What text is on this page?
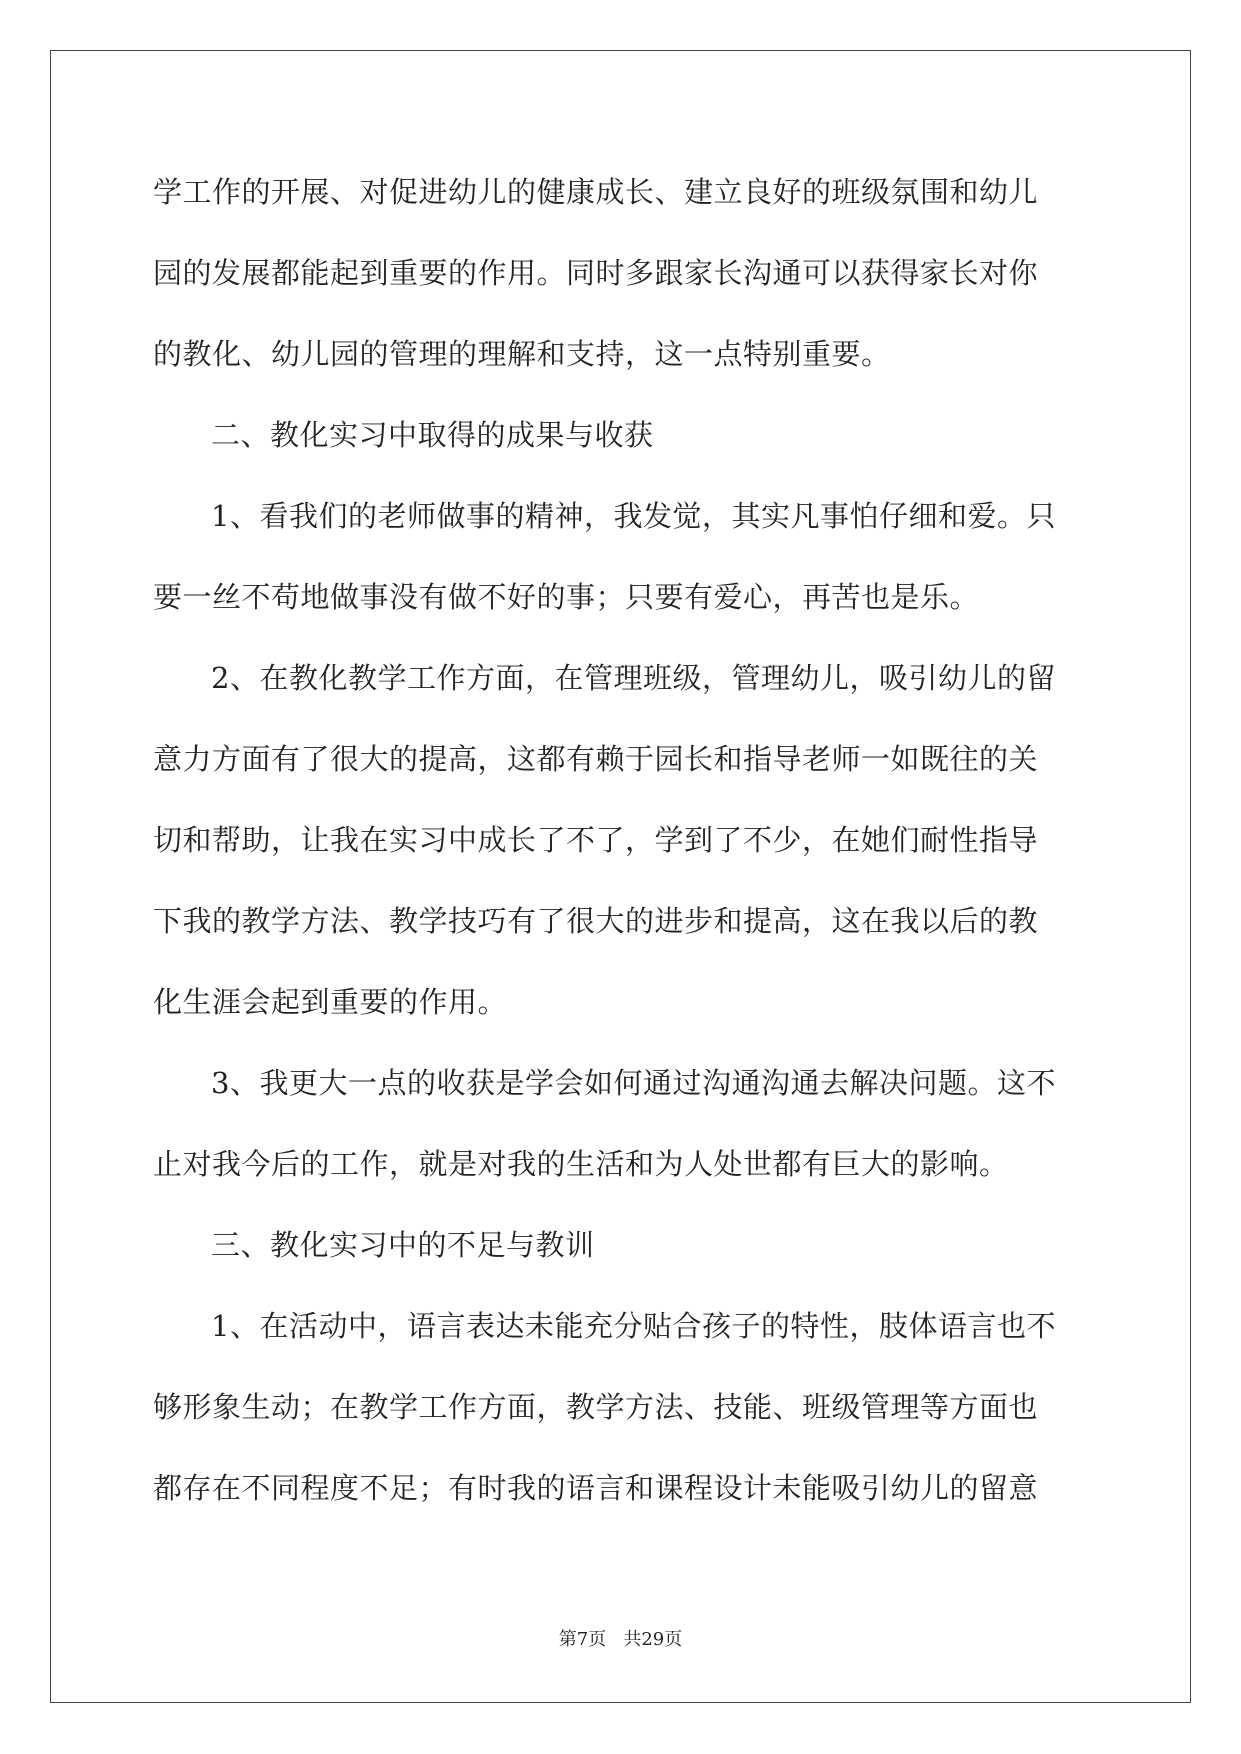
学工作的开展、对促进幼儿的健康成长、建立良好的班级氛围和幼儿
园的发展都能起到重要的作用。同时多跟家长沟通可以获得家长对你
的教化、幼儿园的管理的理解和支持，这一点特别重要。
二、教化实习中取得的成果与收获
1、看我们的老师做事的精神，我发觉，其实凡事怕仔细和爱。只
要一丝不苟地做事没有做不好的事；只要有爱心，再苦也是乐。
2、在教化教学工作方面，在管理班级，管理幼儿，吸引幼儿的留
意力方面有了很大的提高，这都有赖于园长和指导老师一如既往的关
切和帮助，让我在实习中成长了不了，学到了不少，在她们耐性指导
下我的教学方法、教学技巧有了很大的进步和提高，这在我以后的教
化生涯会起到重要的作用。
3、我更大一点的收获是学会如何通过沟通沟通去解决问题。这不
止对我今后的工作，就是对我的生活和为人处世都有巨大的影响。
三、教化实习中的不足与教训
1、在活动中，语言表达未能充分贴合孩子的特性，肢体语言也不
够形象生动；在教学工作方面，教学方法、技能、班级管理等方面也
都存在不同程度不足；有时我的语言和课程设计未能吸引幼儿的留意
第7页 共29页
